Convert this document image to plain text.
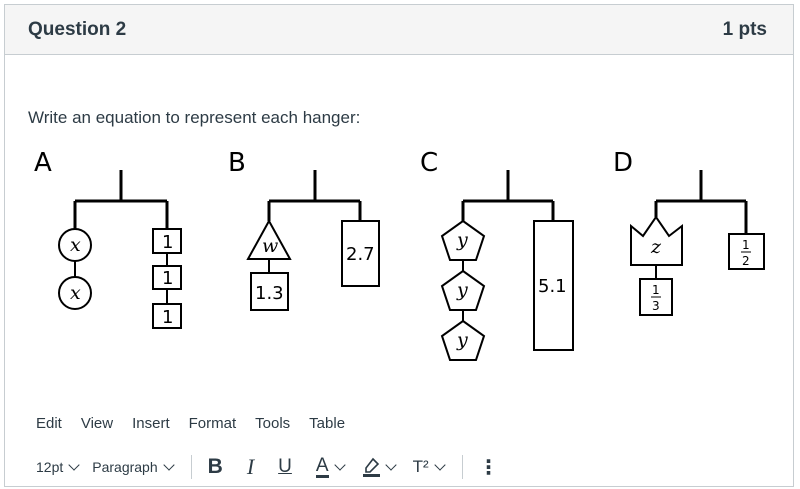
Question 2	1 pts
Write an equation to represent each hanger:
A
x
x
1
1
1
B
w
1.3
2.7
C
y
y
y
5.1
D
z
1
3
1
2
Edit View Insert Format Tools Table
12pt Paragraph B I U A	T²	⋮
